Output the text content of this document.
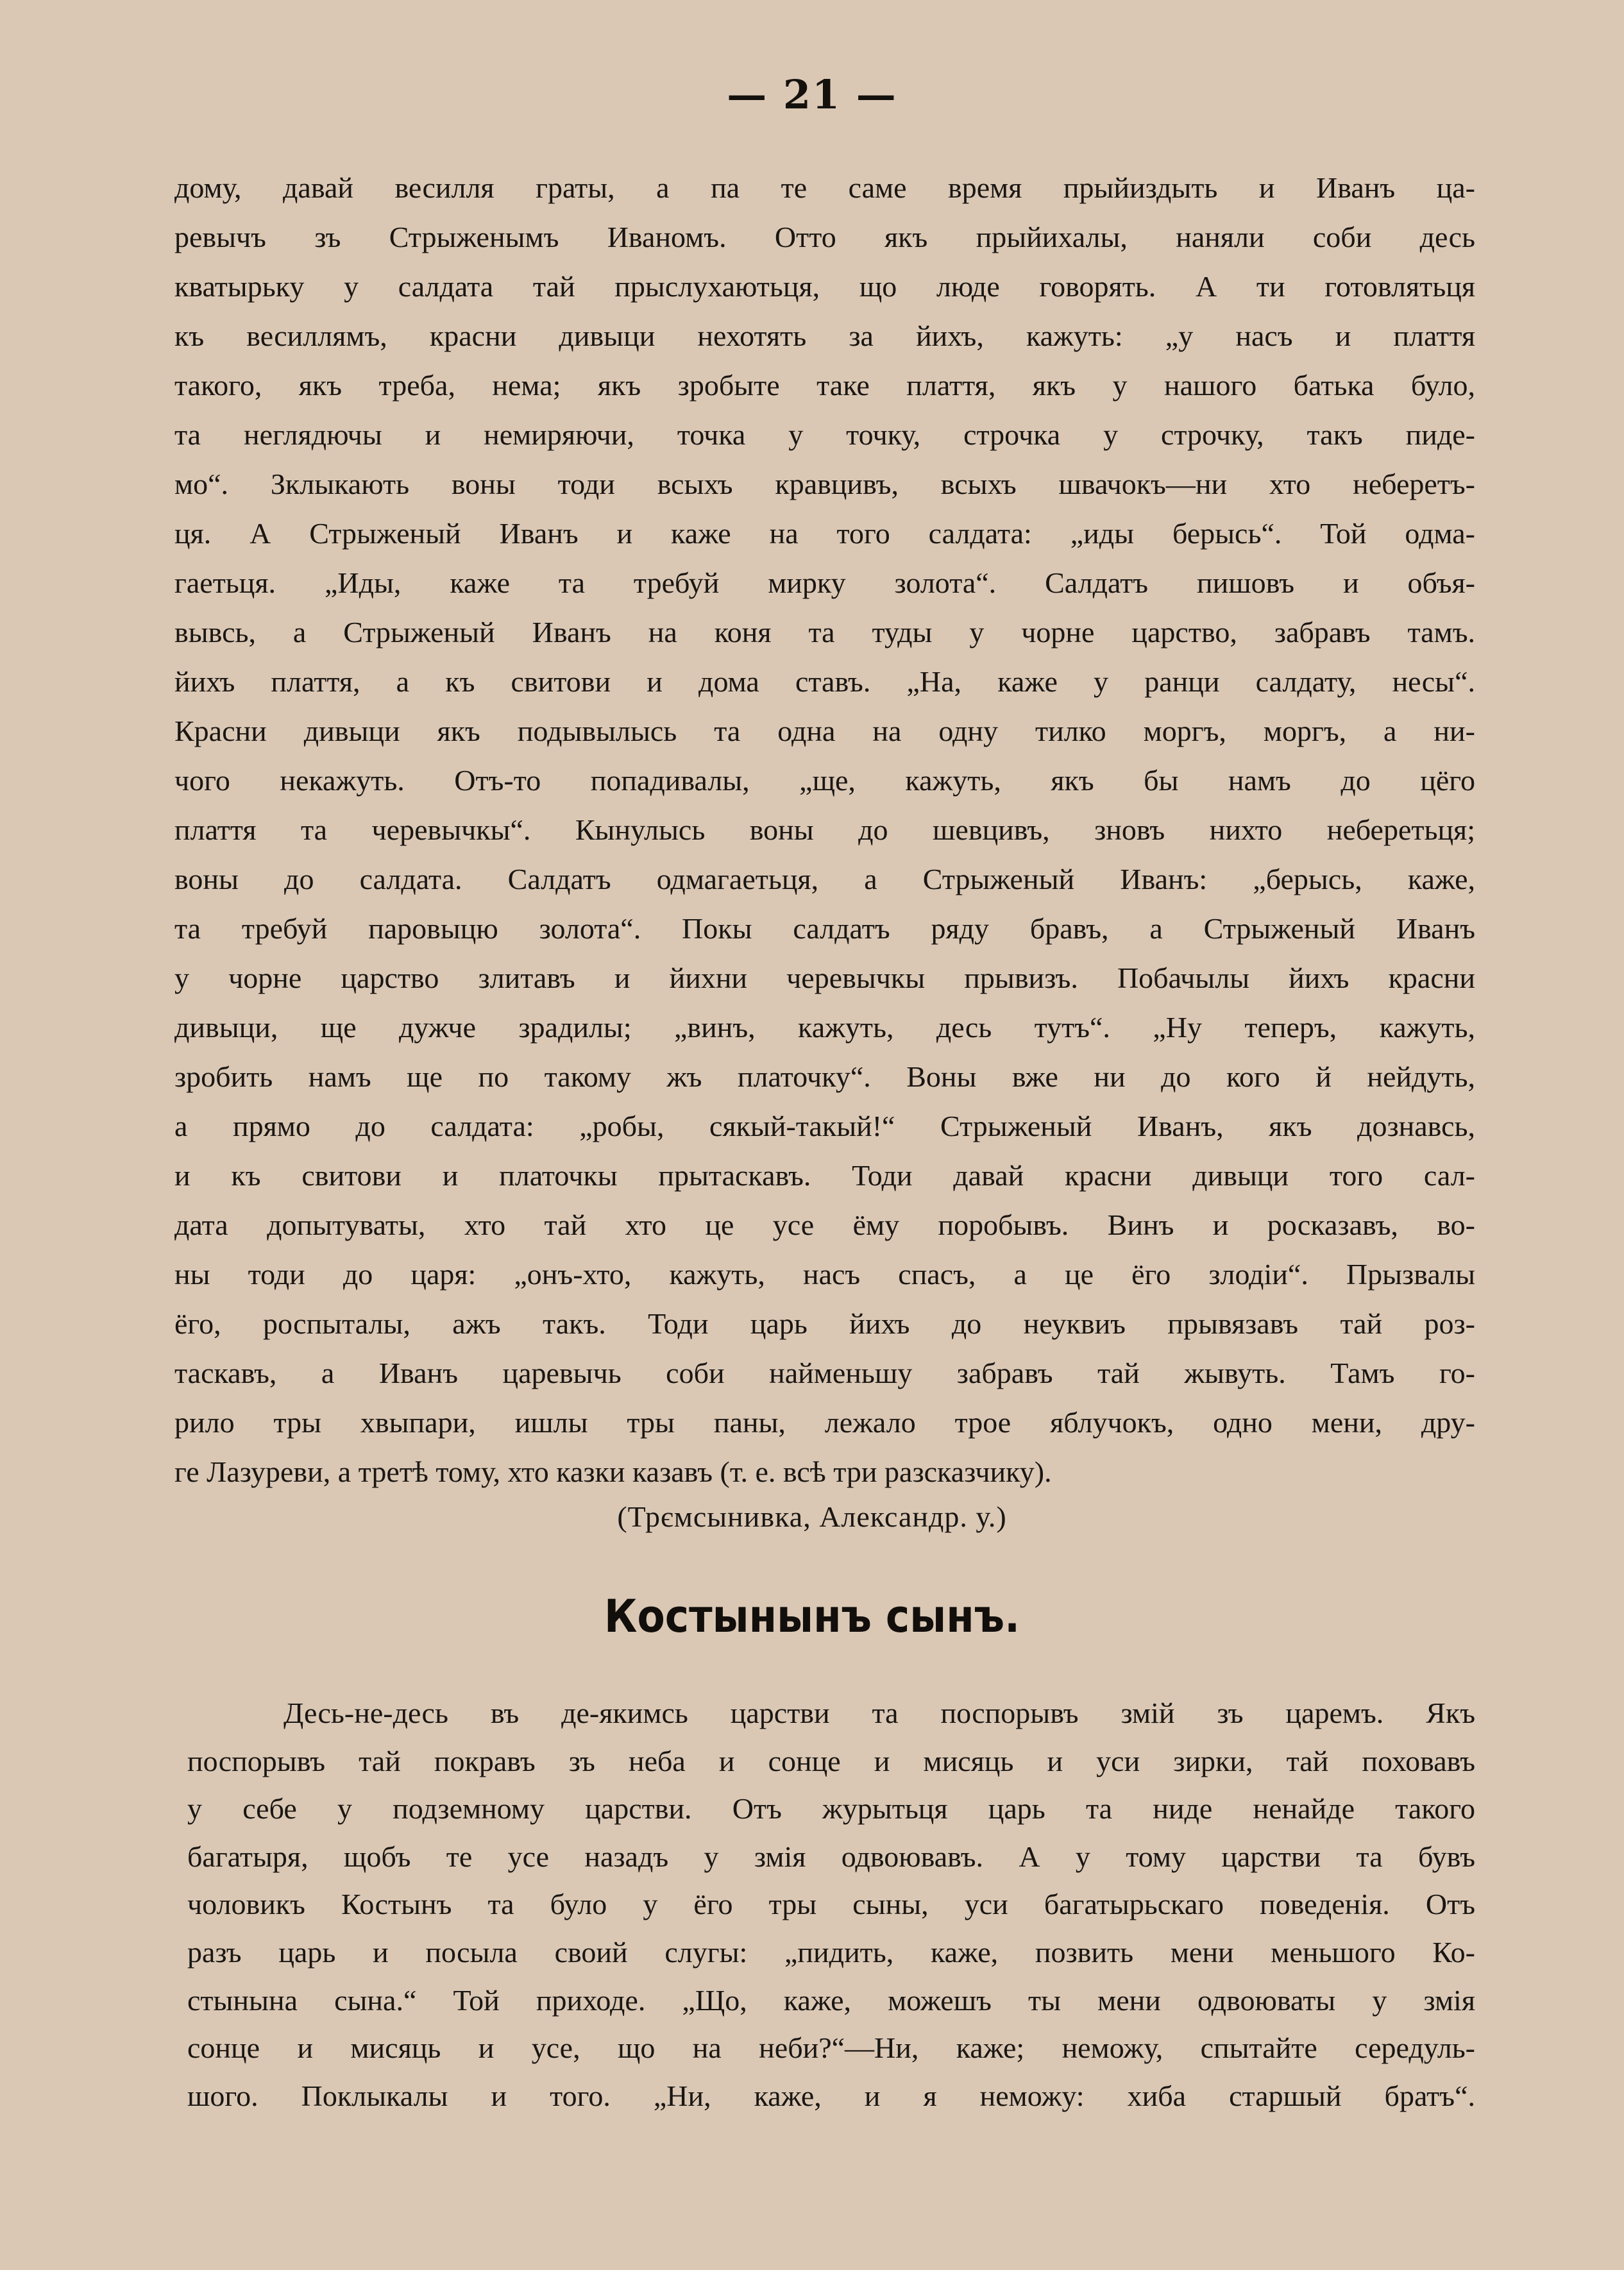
— 21 —
дому, давай весилля граты, а па те саме время прыйиздыть и Иванъ ца-
ревычъ зъ Стрыженымъ Иваномъ. Отто якъ прыйихалы, наняли соби десь
кватырьку у салдата тай прыслухаютьця, що люде говорять. А ти готовлятьця
къ весиллямъ, красни дивыци нехотять за йихъ, кажуть: „у насъ и плаття
такого, якъ треба, нема; якъ зробыте таке плаття, якъ у нашого батька було,
та неглядючы и немиряючи, точка у точку, строчка у строчку, такъ пиде-
мо“. Зклыкають воны тоди всыхъ кравцивъ, всыхъ швачокъ—ни хто неберетъ-
ця. А Стрыженый Иванъ и каже на того салдата: „иды берысь“. Той одма-
гаетьця. „Иды, каже та требуй мирку золота“. Салдатъ пишовъ и объя-
вывсь, а Стрыженый Иванъ на коня та туды у чорне царство, забравъ тамъ.
йихъ плаття, а къ свитови и дома ставъ. „На, каже у ранци салдату, несы“.
Красни дивыци якъ подывылысь та одна на одну тилко моргъ, моргъ, а ни-
чого некажуть. Отъ-то попадивалы, „ще, кажуть, якъ бы намъ до цёго
плаття та черевычкы“. Кынулысь воны до шевцивъ, зновъ нихто неберетьця;
воны до салдата. Салдатъ одмагаетьця, а Стрыженый Иванъ: „берысь, каже,
та требуй паровыцю золота“. Покы салдатъ ряду бравъ, а Стрыженый Иванъ
у чорне царство злитавъ и йихни черевычкы прывизъ. Побачылы йихъ красни
дивыци, ще дужче зрадилы; „винъ, кажуть, десь тутъ“. „Ну теперъ, кажуть,
зробить намъ ще по такому жъ платочку“. Воны вже ни до кого й нейдуть,
а прямо до салдата: „робы, сякый-такый!“ Стрыженый Иванъ, якъ дознавсь,
и къ свитови и платочкы прытаскавъ. Тоди давай красни дивыци того сал-
дата допытуваты, хто тай хто це усе ёму поробывъ. Винъ и росказавъ, во-
ны тоди до царя: „онъ-хто, кажуть, насъ спасъ, а це ёго злодiи“. Прызвалы
ёго, роспыталы, ажъ такъ. Тоди царь йихъ до неуквиъ прывязавъ тай роз-
таскавъ, а Иванъ царевычь соби найменьшу забравъ тай жывуть. Тамъ го-
рило тры хвыпари, ишлы тры паны, лежало трое яблучокъ, одно мени, дру-
ге Лазуреви, а третѣ тому, хто казки казавъ (т. е. всѣ три разсказчику).
(Трємсынивка, Александр. у.)
Костынынъ сынъ.
Десь-не-десь въ де-якимсь царстви та поспорывъ змiй зъ царемъ. Якъ
поспорывъ тай покравъ зъ неба и сонце и мисяць и уси зирки, тай поховавъ
у себе у подземному царстви. Отъ журытьця царь та ниде ненайде такого
багатыря, щобъ те усе назадъ у змiя одвоювавъ. А у тому царстви та бувъ
чоловикъ Костынъ та було у ёго тры сыны, уси багатырьскаго поведенiя. Отъ
разъ царь и посыла своий слугы: „пидить, каже, позвить мени меньшого Ко-
стынына сына.“ Той приходе. „Що, каже, можешъ ты мени одвоюваты у змiя
сонце и мисяць и усе, що на неби?“—Ни, каже; неможу, спытайте середуль-
шого. Поклыкалы и того. „Ни, каже, и я неможу: хиба старшый братъ“.
